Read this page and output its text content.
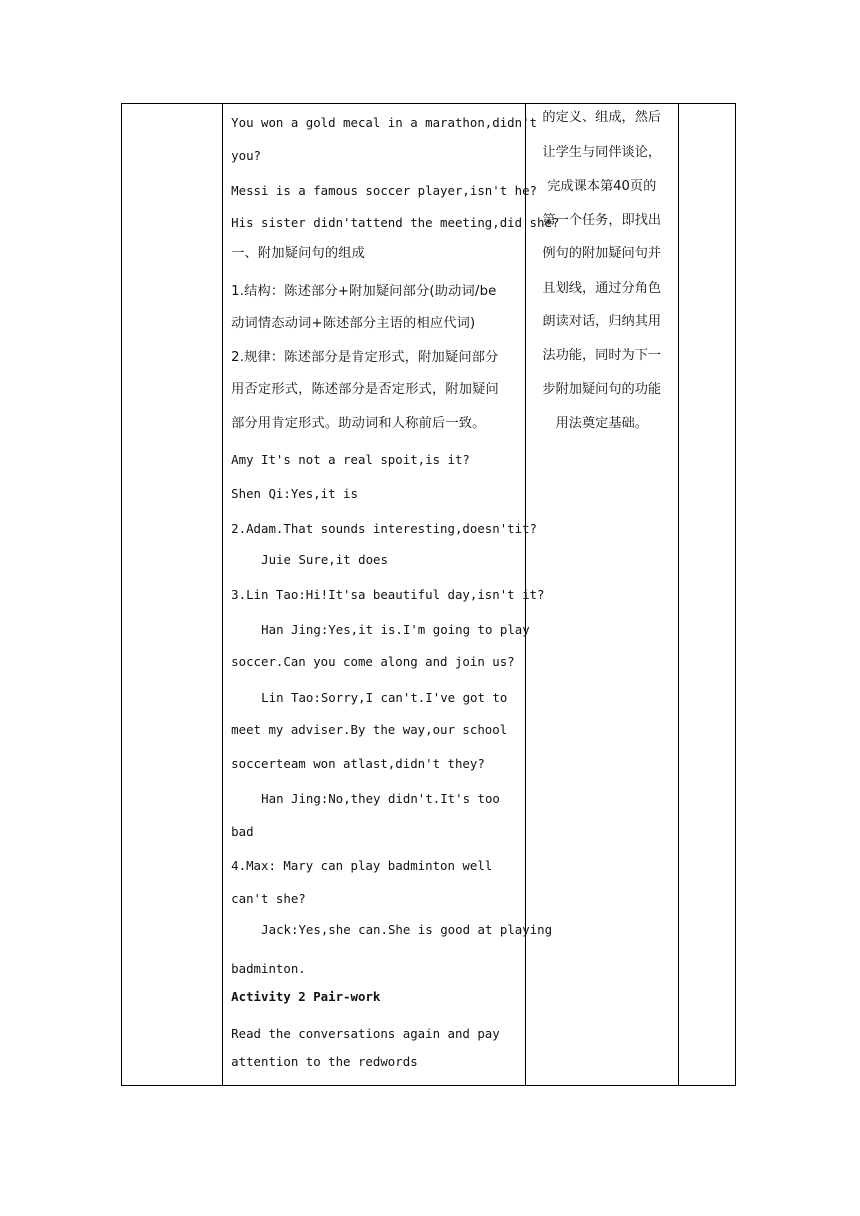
You won a gold mecal in a marathon,didn't
you?
Messi is a famous soccer player,isn't he?
His sister didn'tattend the meeting,did she?
一、附加疑问句的组成
1.结构：陈述部分+附加疑问部分(助动词/be
动词情态动词+陈述部分主语的相应代词)
2.规律：陈述部分是肯定形式，附加疑问部分
用否定形式，陈述部分是否定形式，附加疑问
部分用肯定形式。助动词和人称前后一致。
Amy It's not a real spoit,is it?
Shen Qi:Yes,it is
2.Adam.That sounds interesting,doesn'tit?
Juie Sure,it does
3.Lin Tao:Hi!It'sa beautiful day,isn't it?
Han Jing:Yes,it is.I'm going to play
soccer.Can you come along and join us?
Lin Tao:Sorry,I can't.I've got to
meet my adviser.By the way,our school
soccerteam won atlast,didn't they?
Han Jing:No,they didn't.It's too
bad
4.Max: Mary can play badminton well
can't she?
Jack:Yes,she can.She is good at playing
badminton.
Activity 2 Pair-work
Read the conversations again and pay
attention to the redwords

的定义、组成，然后
让学生与同伴谈论，
完成课本第40页的
第一个任务，即找出
例句的附加疑问句并
且划线，通过分角色
朗读对话，归纳其用
法功能，同时为下一
步附加疑问句的功能
用法奠定基础。
